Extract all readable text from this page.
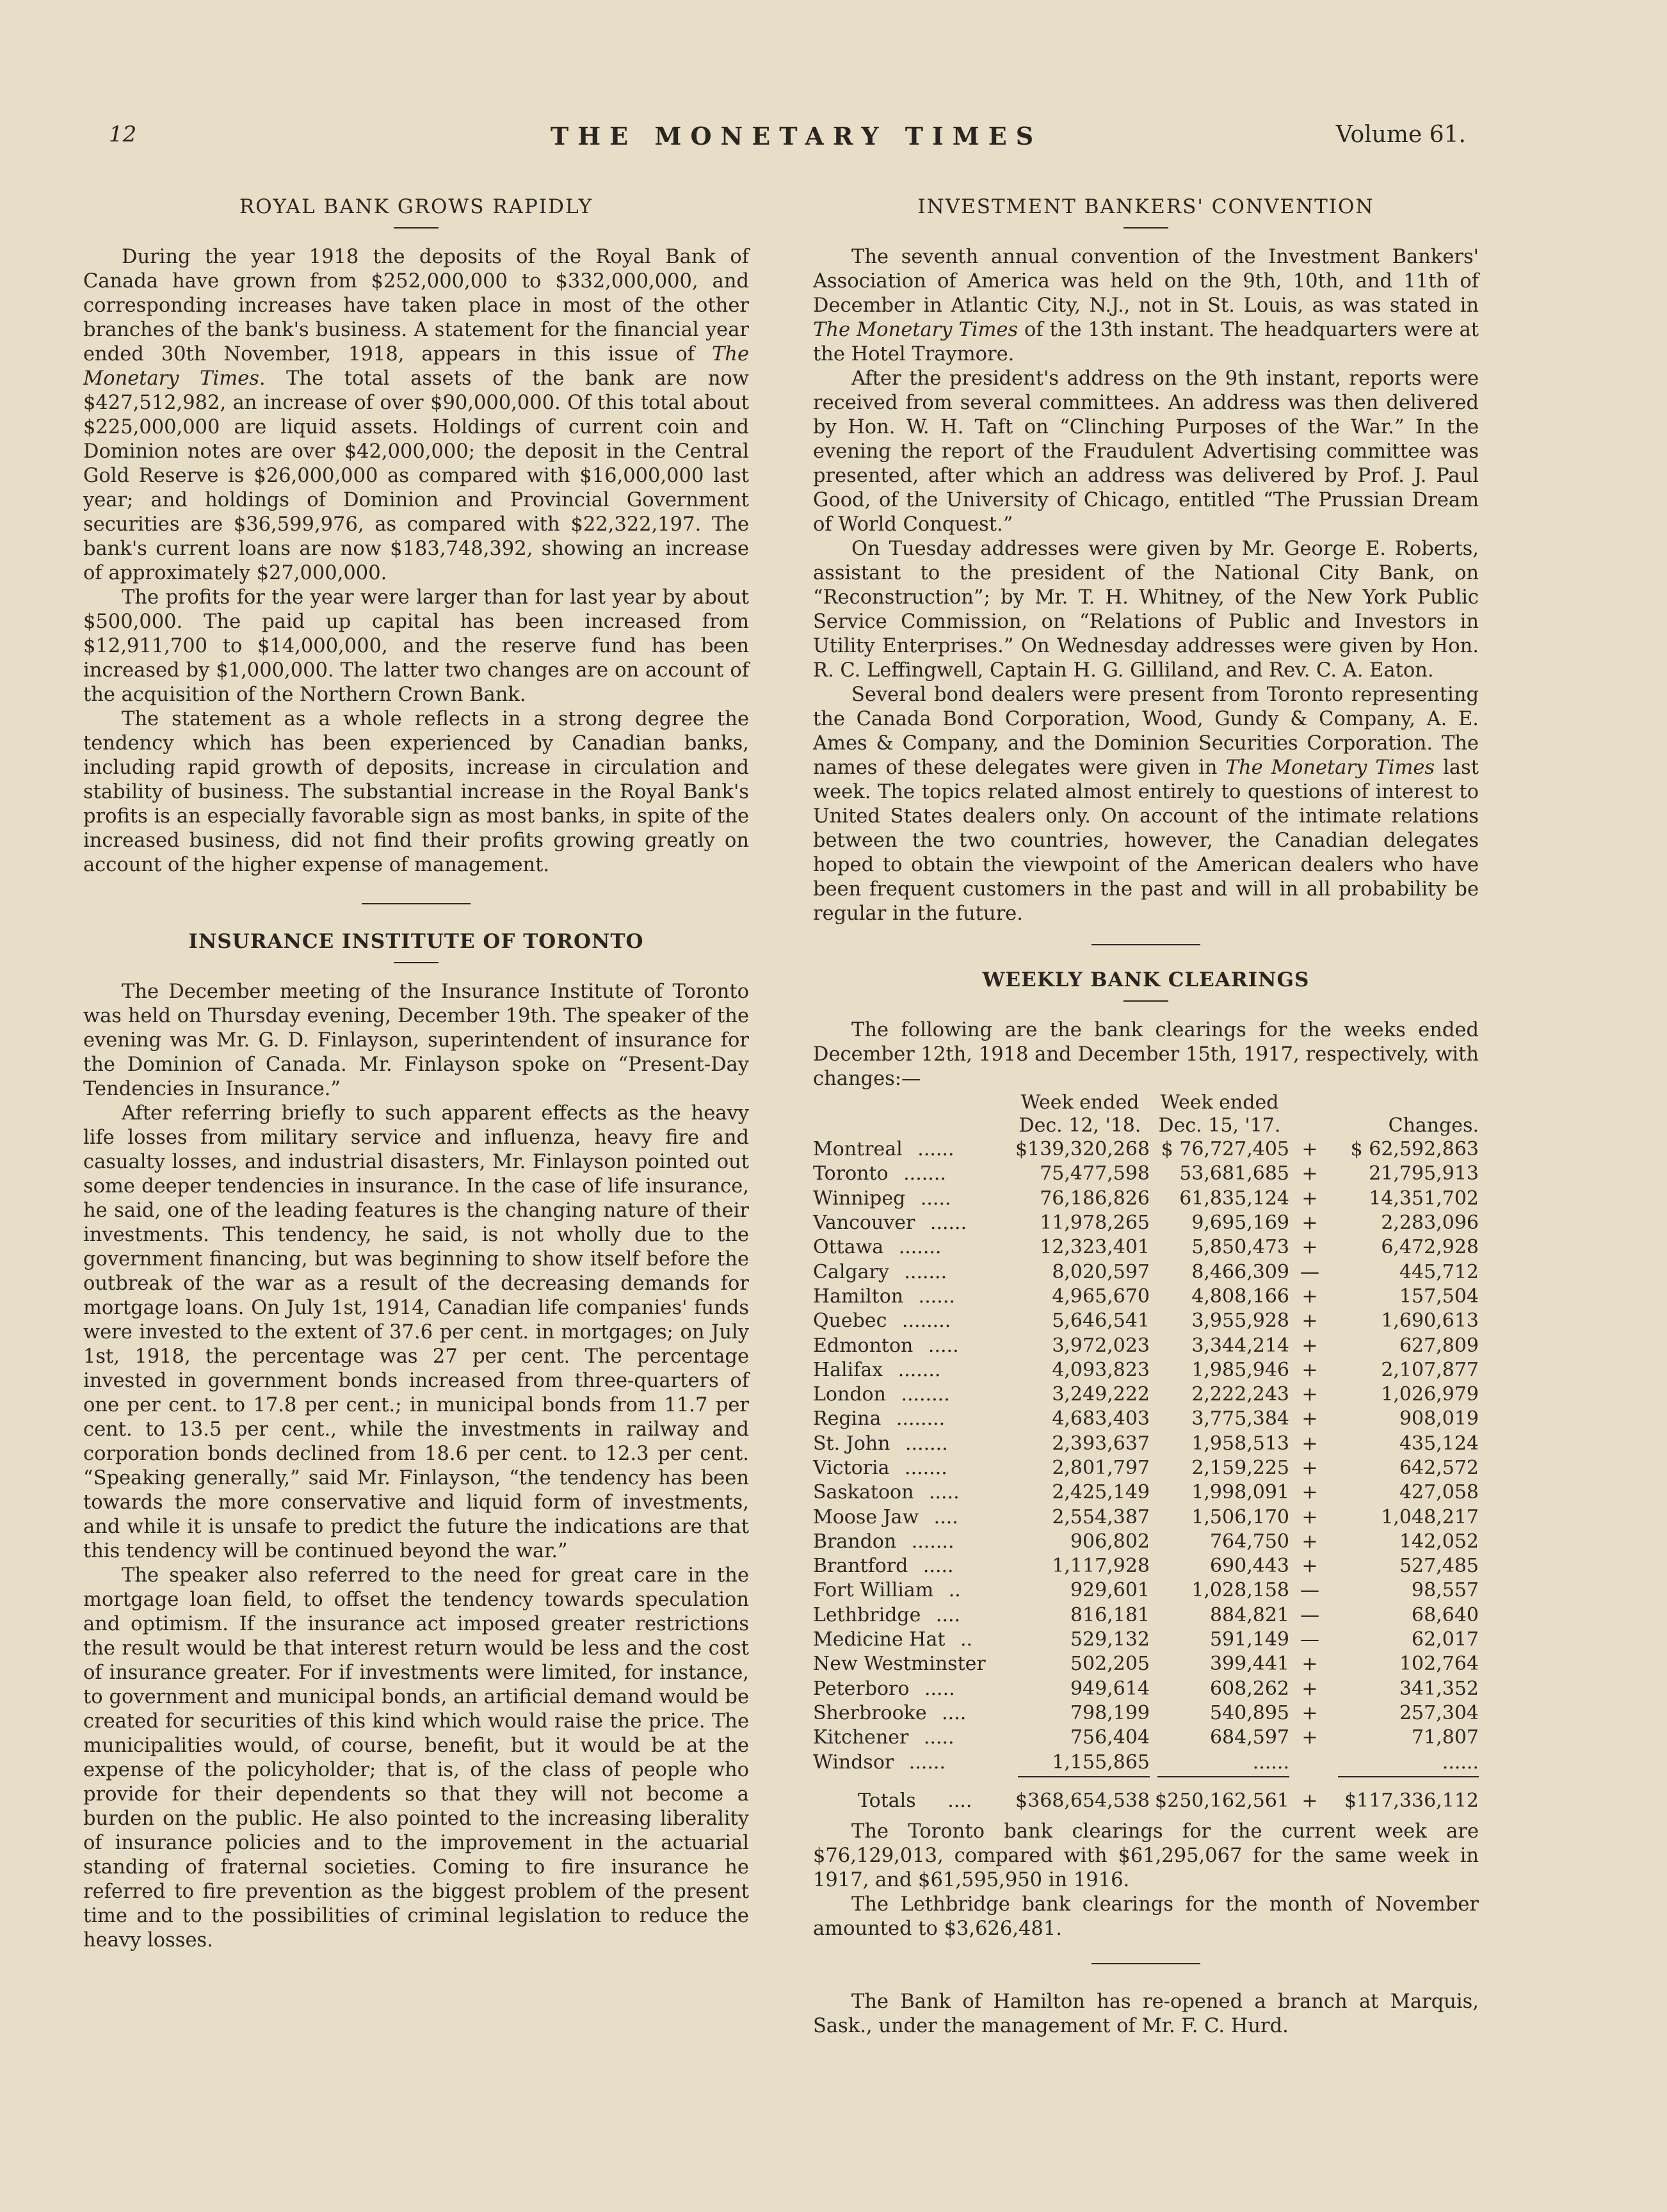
12	THE MONETARY TIMES	Volume 61.
ROYAL BANK GROWS RAPIDLY

During the year 1918 the deposits of the Royal Bank of Canada have grown from $252,000,000 to $332,000,000, and corresponding increases have taken place in most of the other branches of the bank's business. A statement for the financial year ended 30th November, 1918, appears in this issue of The Monetary Times. The total assets of the bank are now $427,512,982, an increase of over $90,000,000. Of this total about $225,000,000 are liquid assets. Holdings of current coin and Dominion notes are over $42,000,000; the deposit in the Central Gold Reserve is $26,000,000 as compared with $16,000,000 last year; and holdings of Dominion and Provincial Government securities are $36,599,976, as compared with $22,322,197. The bank's current loans are now $183,748,392, showing an increase of approximately $27,000,000.

The profits for the year were larger than for last year by about $500,000. The paid up capital has been increased from $12,911,700 to $14,000,000, and the reserve fund has been increased by $1,000,000. The latter two changes are on account of the acquisition of the Northern Crown Bank.

The statement as a whole reflects in a strong degree the tendency which has been experienced by Canadian banks, including rapid growth of deposits, increase in circulation and stability of business. The substantial increase in the Royal Bank's profits is an especially favorable sign as most banks, in spite of the increased business, did not find their profits growing greatly on account of the higher expense of management.

INSURANCE INSTITUTE OF TORONTO

The December meeting of the Insurance Institute of Toronto was held on Thursday evening, December 19th. The speaker of the evening was Mr. G. D. Finlayson, superintendent of insurance for the Dominion of Canada. Mr. Finlayson spoke on “Present-Day Tendencies in Insurance.”

After referring briefly to such apparent effects as the heavy life losses from military service and influenza, heavy fire and casualty losses, and industrial disasters, Mr. Finlayson pointed out some deeper tendencies in insurance. In the case of life insurance, he said, one of the leading features is the changing nature of their investments. This tendency, he said, is not wholly due to the government financing, but was beginning to show itself before the outbreak of the war as a result of the decreasing demands for mortgage loans. On July 1st, 1914, Canadian life companies' funds were invested to the extent of 37.6 per cent. in mortgages; on July 1st, 1918, the percentage was 27 per cent. The percentage invested in government bonds increased from three-quarters of one per cent. to 17.8 per cent.; in municipal bonds from 11.7 per cent. to 13.5 per cent., while the investments in railway and corporation bonds declined from 18.6 per cent. to 12.3 per cent. “Speaking generally,” said Mr. Finlayson, “the tendency has been towards the more conservative and liquid form of investments, and while it is unsafe to predict the future the indications are that this tendency will be continued beyond the war.”

The speaker also referred to the need for great care in the mortgage loan field, to offset the tendency towards speculation and optimism. If the insurance act imposed greater restrictions the result would be that interest return would be less and the cost of insurance greater. For if investments were limited, for instance, to government and municipal bonds, an artificial demand would be created for securities of this kind which would raise the price. The municipalities would, of course, benefit, but it would be at the expense of the policyholder; that is, of the class of people who provide for their dependents so that they will not become a burden on the public. He also pointed to the increasing liberality of insurance policies and to the improvement in the actuarial standing of fraternal societies. Coming to fire insurance he referred to fire prevention as the biggest problem of the present time and to the possibilities of criminal legislation to reduce the heavy losses.

INVESTMENT BANKERS' CONVENTION

The seventh annual convention of the Investment Bankers' Association of America was held on the 9th, 10th, and 11th of December in Atlantic City, N.J., not in St. Louis, as was stated in The Monetary Times of the 13th instant. The headquarters were at the Hotel Traymore.

After the president's address on the 9th instant, reports were received from several committees. An address was then delivered by Hon. W. H. Taft on “Clinching Purposes of the War.” In the evening the report of the Fraudulent Advertising committee was presented, after which an address was delivered by Prof. J. Paul Good, of the University of Chicago, entitled “The Prussian Dream of World Conquest.”

On Tuesday addresses were given by Mr. George E. Roberts, assistant to the president of the National City Bank, on “Reconstruction”; by Mr. T. H. Whitney, of the New York Public Service Commission, on “Relations of Public and Investors in Utility Enterprises.” On Wednesday addresses were given by Hon. R. C. Leffingwell, Captain H. G. Gilliland, and Rev. C. A. Eaton.

Several bond dealers were present from Toronto representing the Canada Bond Corporation, Wood, Gundy & Company, A. E. Ames & Company, and the Dominion Securities Corporation. The names of these delegates were given in The Monetary Times last week. The topics related almost entirely to questions of interest to United States dealers only. On account of the intimate relations between the two countries, however, the Canadian delegates hoped to obtain the viewpoint of the American dealers who have been frequent customers in the past and will in all probability be regular in the future.

WEEKLY BANK CLEARINGS

The following are the bank clearings for the weeks ended December 12th, 1918 and December 15th, 1917, respectively, with changes:—

	Week ended	Week ended		
	Dec. 12, '18.	Dec. 15, '17.		Changes.
Montreal ......	$139,320,268	$ 76,727,405	+	$ 62,592,863
Toronto .......	75,477,598	53,681,685	+	21,795,913
Winnipeg .....	76,186,826	61,835,124	+	14,351,702
Vancouver ......	11,978,265	9,695,169	+	2,283,096
Ottawa .......	12,323,401	5,850,473	+	6,472,928
Calgary .......	8,020,597	8,466,309	—	445,712
Hamilton ......	4,965,670	4,808,166	+	157,504
Quebec ........	5,646,541	3,955,928	+	1,690,613
Edmonton .....	3,972,023	3,344,214	+	627,809
Halifax .......	4,093,823	1,985,946	+	2,107,877
London ........	3,249,222	2,222,243	+	1,026,979
Regina ........	4,683,403	3,775,384	+	908,019
St. John .......	2,393,637	1,958,513	+	435,124
Victoria .......	2,801,797	2,159,225	+	642,572
Saskatoon .....	2,425,149	1,998,091	+	427,058
Moose Jaw ....	2,554,387	1,506,170	+	1,048,217
Brandon .......	906,802	764,750	+	142,052
Brantford .....	1,117,928	690,443	+	527,485
Fort William ..	929,601	1,028,158	—	98,557
Lethbridge ....	816,181	884,821	—	68,640
Medicine Hat ..	529,132	591,149	—	62,017
New Westminster	502,205	399,441	+	102,764
Peterboro .....	949,614	608,262	+	341,352
Sherbrooke ....	798,199	540,895	+	257,304
Kitchener .....	756,404	684,597	+	71,807
Windsor ......	1,155,865	......		......

Totals ....	$368,654,538	$250,162,561	+	$117,336,112

The Toronto bank clearings for the current week are $76,129,013, compared with $61,295,067 for the same week in 1917, and $61,595,950 in 1916.

The Lethbridge bank clearings for the month of November amounted to $3,626,481.

The Bank of Hamilton has re-opened a branch at Marquis, Sask., under the management of Mr. F. C. Hurd.
